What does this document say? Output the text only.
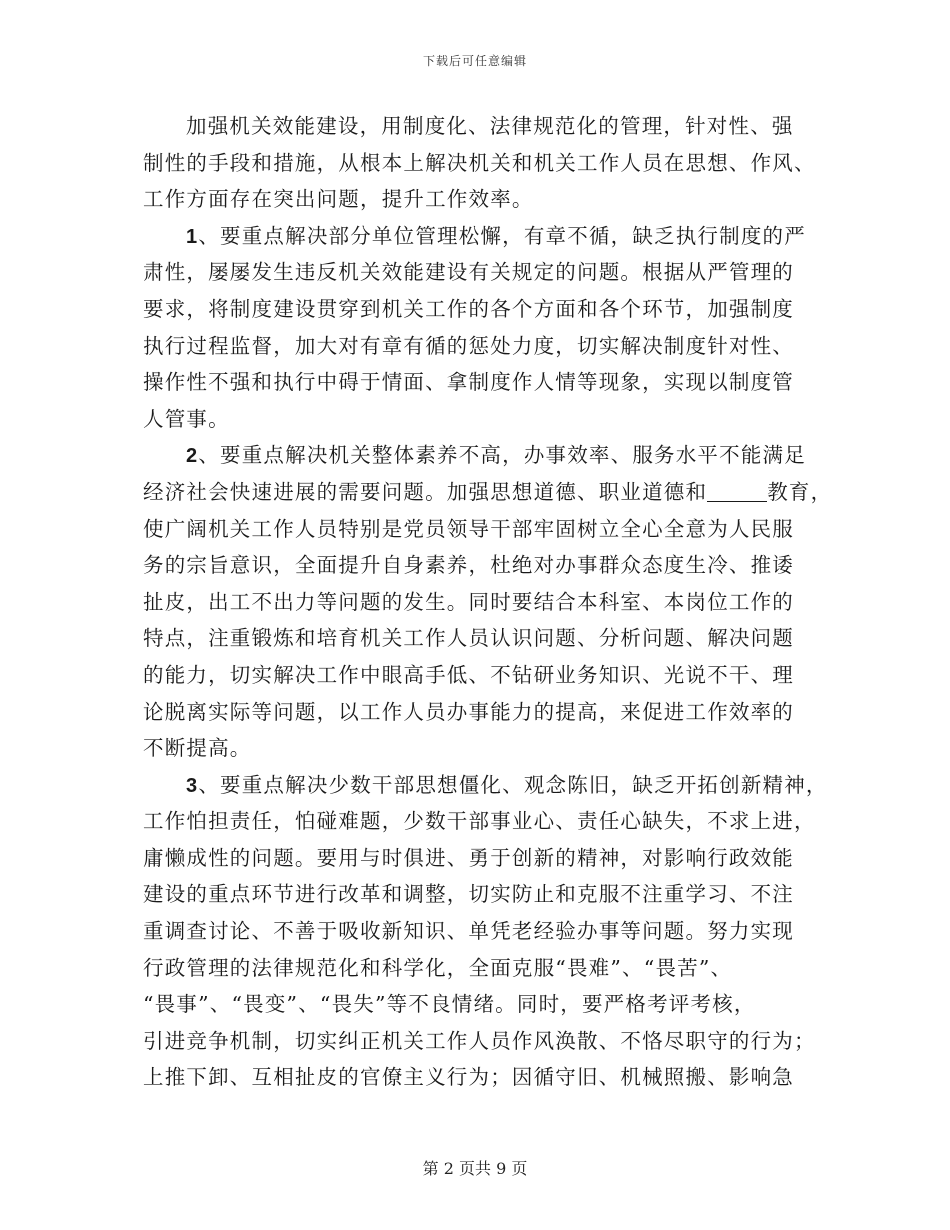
下载后可任意编辑
加强机关效能建设，用制度化、法律规范化的管理，针对性、强
制性的手段和措施，从根本上解决机关和机关工作人员在思想、作风、
工作方面存在突出问题，提升工作效率。
1、要重点解决部分单位管理松懈，有章不循，缺乏执行制度的严
肃性，屡屡发生违反机关效能建设有关规定的问题。根据从严管理的
要求，将制度建设贯穿到机关工作的各个方面和各个环节，加强制度
执行过程监督，加大对有章有循的惩处力度，切实解决制度针对性、
操作性不强和执行中碍于情面、拿制度作人情等现象，实现以制度管
人管事。
2、要重点解决机关整体素养不高，办事效率、服务水平不能满足
经济社会快速进展的需要问题。加强思想道德、职业道德和	教育，
使广阔机关工作人员特别是党员领导干部牢固树立全心全意为人民服
务的宗旨意识，全面提升自身素养，杜绝对办事群众态度生冷、推诿
扯皮，出工不出力等问题的发生。同时要结合本科室、本岗位工作的
特点，注重锻炼和培育机关工作人员认识问题、分析问题、解决问题
的能力，切实解决工作中眼高手低、不钻研业务知识、光说不干、理
论脱离实际等问题，以工作人员办事能力的提高，来促进工作效率的
不断提高。
3、要重点解决少数干部思想僵化、观念陈旧，缺乏开拓创新精神，
工作怕担责任，怕碰难题，少数干部事业心、责任心缺失，不求上进，
庸懒成性的问题。要用与时俱进、勇于创新的精神，对影响行政效能
建设的重点环节进行改革和调整，切实防止和克服不注重学习、不注
重调查讨论、不善于吸收新知识、单凭老经验办事等问题。努力实现
行政管理的法律规范化和科学化，全面克服“畏难”、“畏苦”、
“畏事”、“畏变”、“畏失”等不良情绪。同时，要严格考评考核，
引进竞争机制，切实纠正机关工作人员作风涣散、不恪尽职守的行为；
上推下卸、互相扯皮的官僚主义行为；因循守旧、机械照搬、影响急
第 2 页共 9 页
